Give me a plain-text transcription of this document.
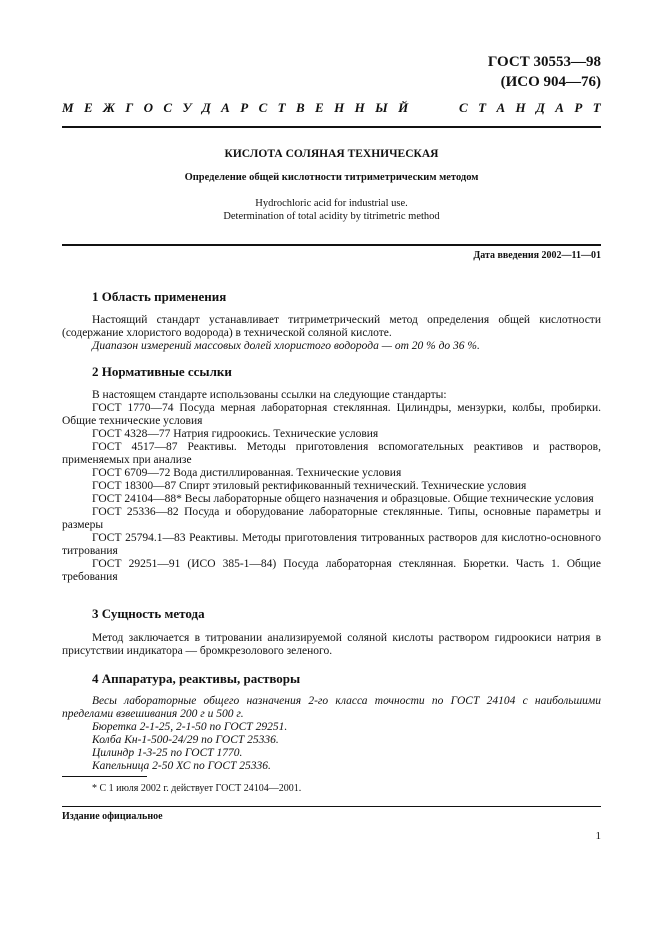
ГОСТ 30553—98
(ИСО 904—76)
М Е Ж Г О С У Д А Р С Т В Е Н Н Ы Й	С Т А Н Д А Р Т
КИСЛОТА СОЛЯНАЯ ТЕХНИЧЕСКАЯ
Определение общей кислотности титриметрическим методом
Hydrochloric acid for industrial use.
Determination of total acidity by titrimetric method
Дата введения 2002—11—01
1 Область применения
Настоящий стандарт устанавливает титриметрический метод определения общей кислотности (содержание хлористого водорода) в технической соляной кислоте.
Диапазон измерений массовых долей хлористого водорода — от 20 % до 36 %.
2 Нормативные ссылки
В настоящем стандарте использованы ссылки на следующие стандарты:
ГОСТ 1770—74 Посуда мерная лабораторная стеклянная. Цилиндры, мензурки, колбы, пробирки. Общие технические условия
ГОСТ 4328—77 Натрия гидроокись. Технические условия
ГОСТ 4517—87 Реактивы. Методы приготовления вспомогательных реактивов и растворов, применяемых при анализе
ГОСТ 6709—72 Вода дистиллированная. Технические условия
ГОСТ 18300—87 Спирт этиловый ректификованный технический. Технические условия
ГОСТ 24104—88* Весы лабораторные общего назначения и образцовые. Общие технические условия
ГОСТ 25336—82 Посуда и оборудование лабораторные стеклянные. Типы, основные параметры и размеры
ГОСТ 25794.1—83 Реактивы. Методы приготовления титрованных растворов для кислотно-основного титрования
ГОСТ 29251—91 (ИСО 385-1—84) Посуда лабораторная стеклянная. Бюретки. Часть 1. Общие требования
3 Сущность метода
Метод заключается в титровании анализируемой соляной кислоты раствором гидроокиси натрия в присутствии индикатора — бромкрезолового зеленого.
4 Аппаратура, реактивы, растворы
Весы лабораторные общего назначения 2-го класса точности по ГОСТ 24104 с наибольшими пределами взвешивания 200 г и 500 г.
Бюретка 2-1-25, 2-1-50 по ГОСТ 29251.
Колба Кн-1-500-24/29 по ГОСТ 25336.
Цилиндр 1-3-25 по ГОСТ 1770.
Капельница 2-50 ХС по ГОСТ 25336.
* С 1 июля 2002 г. действует ГОСТ 24104—2001.
Издание официальное
1
